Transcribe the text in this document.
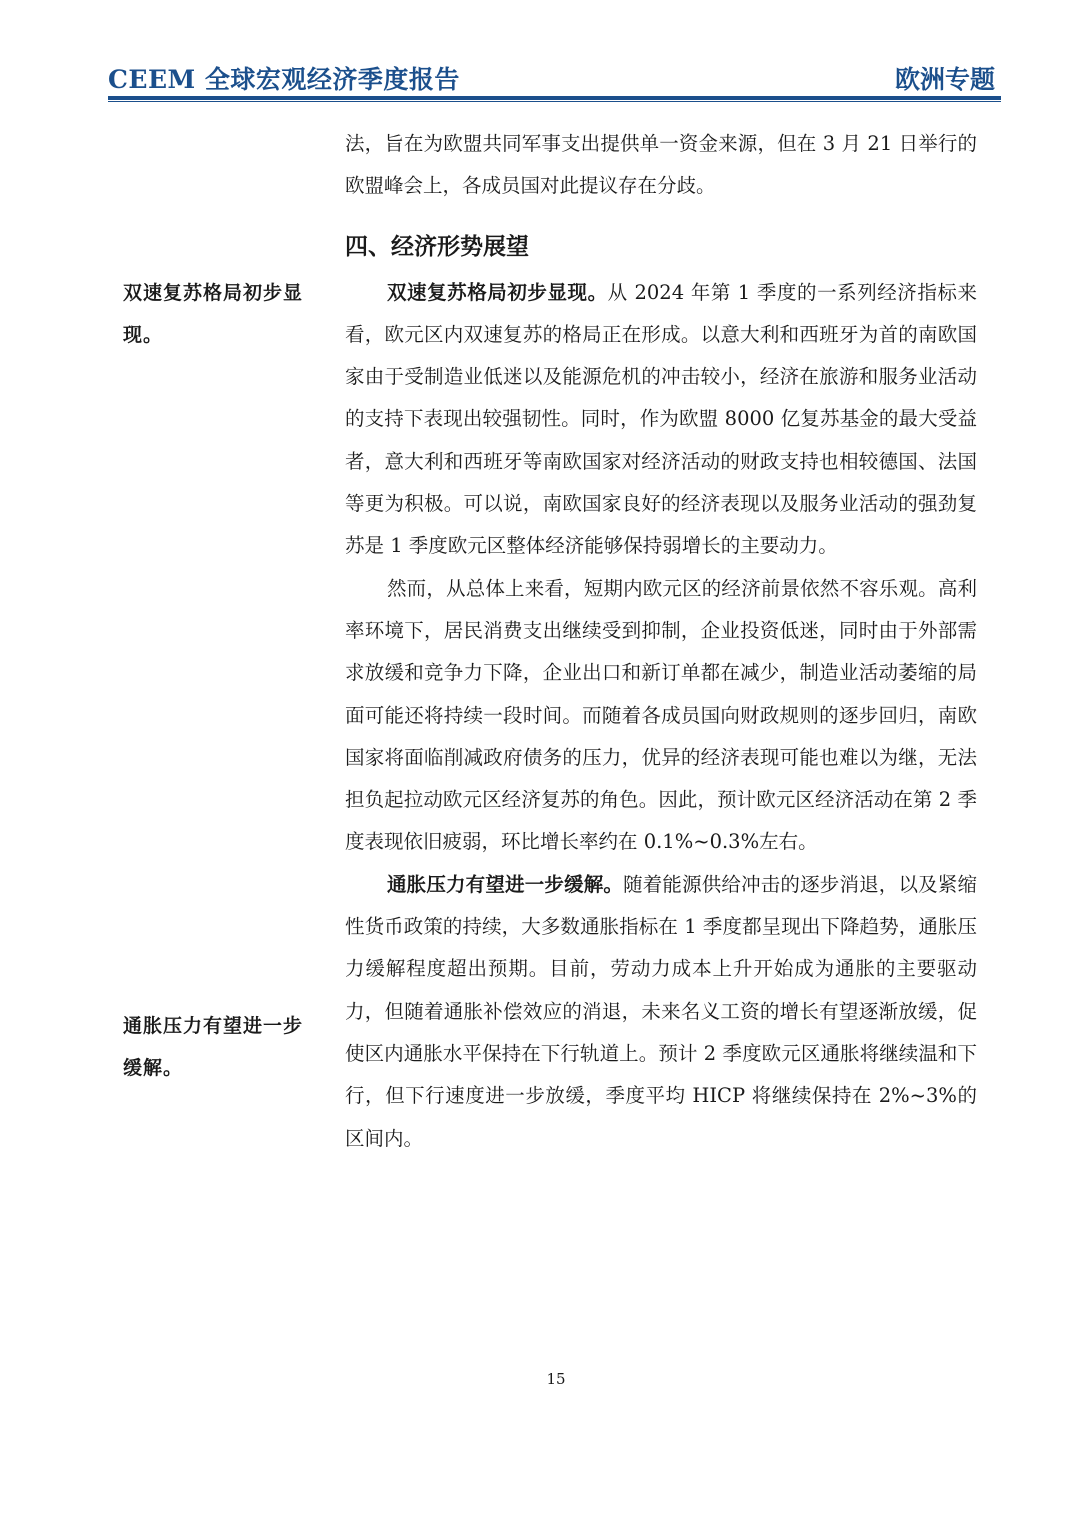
CEEM 全球宏观经济季度报告	欧洲专题
双速复苏格局初步显现。
通胀压力有望进一步缓解。

法，旨在为欧盟共同军事支出提供单一资金来源，但在 3 月 21 日举行的欧盟峰会上，各成员国对此提议存在分歧。

四、经济形势展望

双速复苏格局初步显现。从 2024 年第 1 季度的一系列经济指标来看，欧元区内双速复苏的格局正在形成。以意大利和西班牙为首的南欧国家由于受制造业低迷以及能源危机的冲击较小，经济在旅游和服务业活动的支持下表现出较强韧性。同时，作为欧盟 8000 亿复苏基金的最大受益者，意大利和西班牙等南欧国家对经济活动的财政支持也相较德国、法国等更为积极。可以说，南欧国家良好的经济表现以及服务业活动的强劲复苏是 1 季度欧元区整体经济能够保持弱增长的主要动力。

然而，从总体上来看，短期内欧元区的经济前景依然不容乐观。高利率环境下，居民消费支出继续受到抑制，企业投资低迷，同时由于外部需求放缓和竞争力下降，企业出口和新订单都在减少，制造业活动萎缩的局面可能还将持续一段时间。而随着各成员国向财政规则的逐步回归，南欧国家将面临削减政府债务的压力，优异的经济表现可能也难以为继，无法担负起拉动欧元区经济复苏的角色。因此，预计欧元区经济活动在第 2 季度表现依旧疲弱，环比增长率约在 0.1%~0.3%左右。

通胀压力有望进一步缓解。随着能源供给冲击的逐步消退，以及紧缩性货币政策的持续，大多数通胀指标在 1 季度都呈现出下降趋势，通胀压力缓解程度超出预期。目前，劳动力成本上升开始成为通胀的主要驱动力，但随着通胀补偿效应的消退，未来名义工资的增长有望逐渐放缓，促使区内通胀水平保持在下行轨道上。预计 2 季度欧元区通胀将继续温和下行，但下行速度进一步放缓，季度平均 HICP 将继续保持在 2%~3%的区间内。

15
